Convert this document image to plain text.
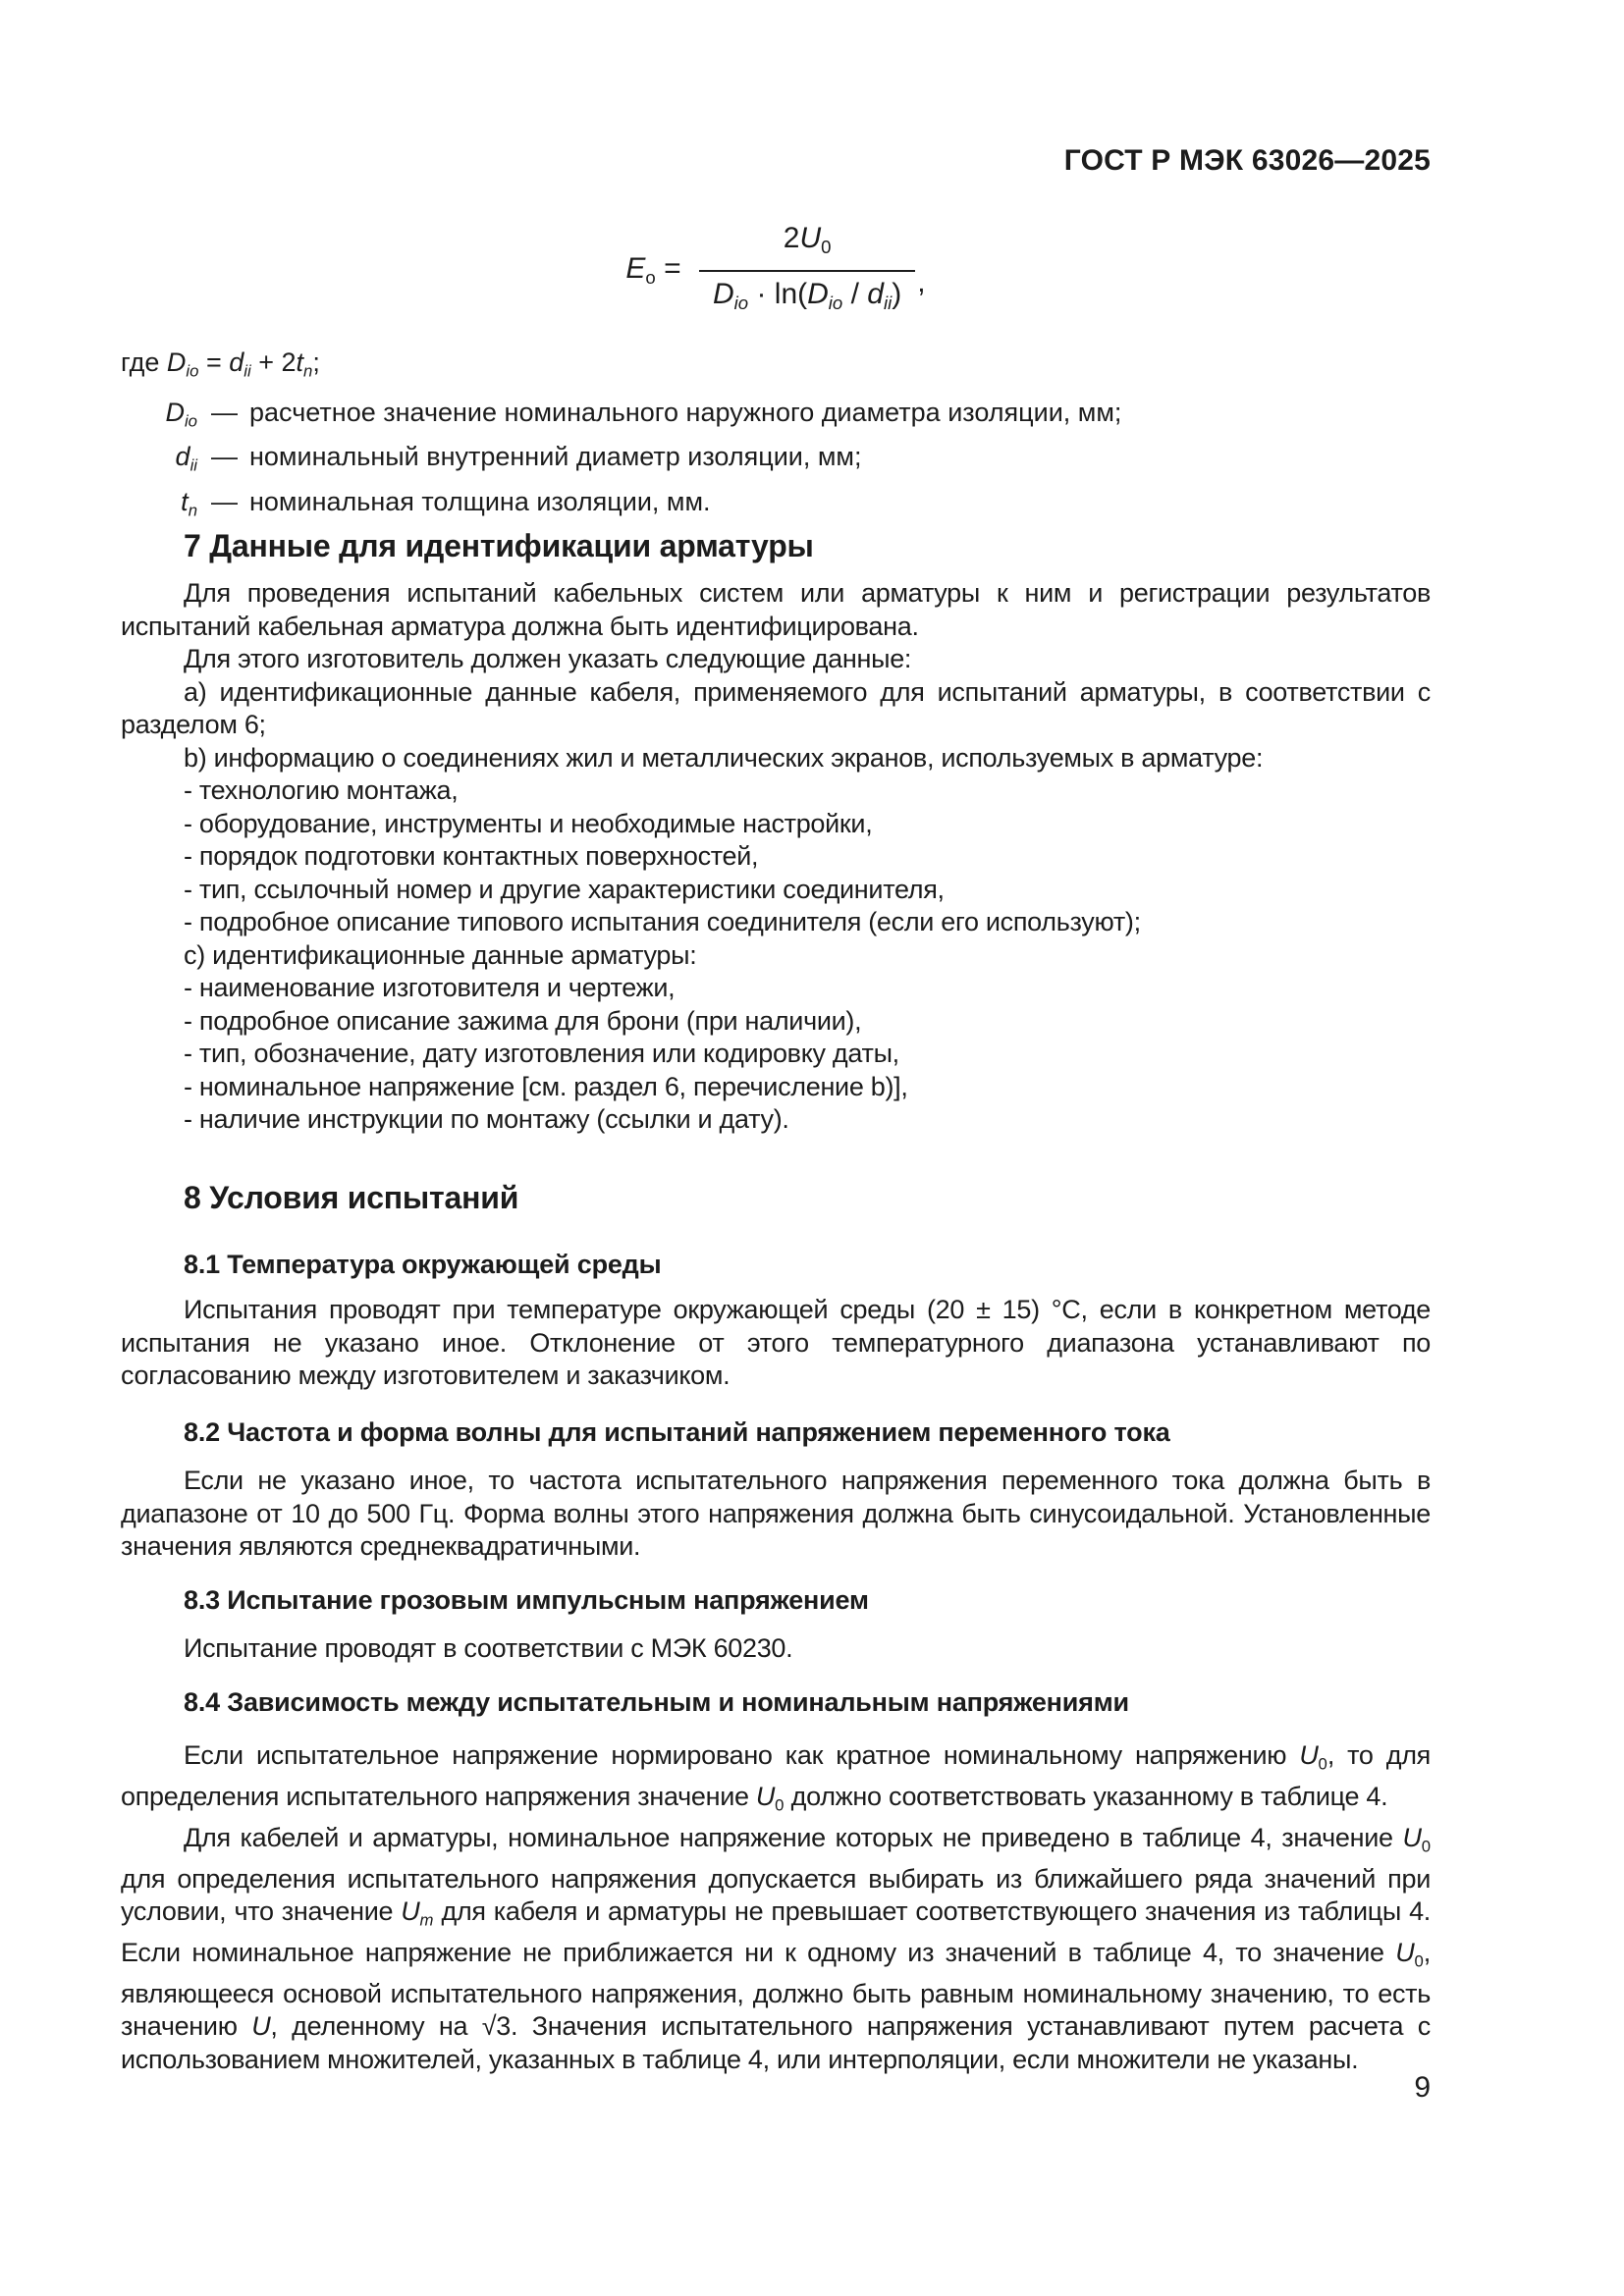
ГОСТ Р МЭК 63026—2025
Eо = $\frac{2U0}{\text{Dio · ln(Dio / dii)}}$ ,

где Dio = dii + 2tn;

Dio — расчетное значение номинального наружного диаметра изоляции, мм;
dii — номинальный внутренний диаметр изоляции, мм;
tn — номинальная толщина изоляции, мм.
7 Данные для идентификации арматуры

Для проведения испытаний кабельных систем или арматуры к ним и регистрации результатов испытаний кабельная арматура должна быть идентифицирована.

Для этого изготовитель должен указать следующие данные:

a) идентификационные данные кабеля, применяемого для испытаний арматуры, в соответствии с разделом 6;

b) информацию о соединениях жил и металлических экранов, используемых в арматуре:

- технологию монтажа,

- оборудование, инструменты и необходимые настройки,

- порядок подготовки контактных поверхностей,

- тип, ссылочный номер и другие характеристики соединителя,

- подробное описание типового испытания соединителя (если его используют);

c) идентификационные данные арматуры:

- наименование изготовителя и чертежи,

- подробное описание зажима для брони (при наличии),

- тип, обозначение, дату изготовления или кодировку даты,

- номинальное напряжение [см. раздел 6, перечисление b)],

- наличие инструкции по монтажу (ссылки и дату).

8 Условия испытаний
8.1 Температура окружающей среды

Испытания проводят при температуре окружающей среды (20 ± 15) °С, если в конкретном методе испытания не указано иное. Отклонение от этого температурного диапазона устанавливают по согласованию между изготовителем и заказчиком.

8.2 Частота и форма волны для испытаний напряжением переменного тока

Если не указано иное, то частота испытательного напряжения переменного тока должна быть в диапазоне от 10 до 500 Гц. Форма волны этого напряжения должна быть синусоидальной. Установленные значения являются среднеквадратичными.

8.3 Испытание грозовым импульсным напряжением

Испытание проводят в соответствии с МЭК 60230.

8.4 Зависимость между испытательным и номинальным напряжениями

Если испытательное напряжение нормировано как кратное номинальному напряжению U0, то для определения испытательного напряжения значение U0 должно соответствовать указанному в таблице 4.

Для кабелей и арматуры, номинальное напряжение которых не приведено в таблице 4, значение U0 для определения испытательного напряжения допускается выбирать из ближайшего ряда значений при условии, что значение Um для кабеля и арматуры не превышает соответствующего значения из таблицы 4. Если номинальное напряжение не приближается ни к одному из значений в таблице 4, то значение U0, являющееся основой испытательного напряжения, должно быть равным номинальному значению, то есть значению U, деленному на √3. Значения испытательного напряжения устанавливают путем расчета с использованием множителей, указанных в таблице 4, или интерполяции, если множители не указаны.

9
